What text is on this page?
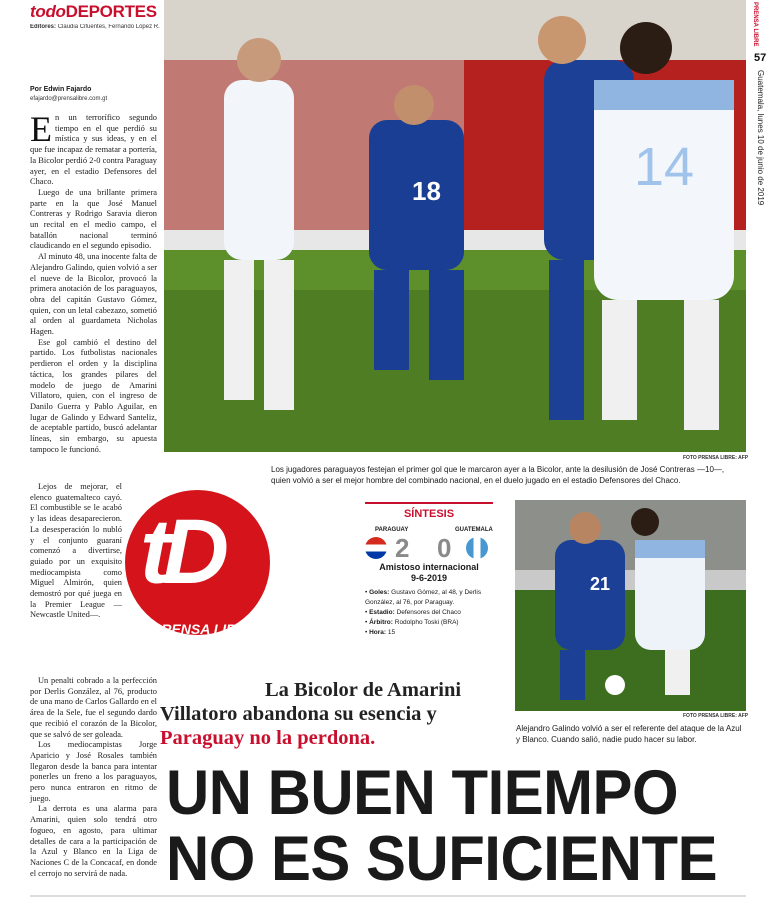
todoDEPORTES
Editores: Claudia Cifuentes, Fernando López R.
18	14
FOTO PRENSA LIBRE: AFP
Los jugadores paraguayos festejan el primer gol que le marcaron ayer a la Bicolor, ante la desilusión de José Contreras —10—, quien volvió a ser el mejor hombre del combinado nacional, en el duelo jugado en el estadio Defensores del Chaco.
PRENSA LIBRE
57
Guatemala, lunes 10 de junio de 2019
Por Edwin Fajardo
efajardo@prensalibre.com.gt
E n un terrorífico segundo tiempo en el que perdió su mística y sus ideas, y en el que fue incapaz de rematar a portería, la Bicolor perdió 2-0 contra Paraguay ayer, en el estadio Defensores del Chaco.

Luego de una brillante primera parte en la que José Manuel Contreras y Rodrigo Saravia dieron un recital en el medio campo, el batallón nacional terminó claudicando en el segundo episodio.

Al minuto 48, una inocente falta de Alejandro Galindo, quien volvió a ser el nueve de la Bicolor, provocó la primera anotación de los paraguayos, obra del capitán Gustavo Gómez, quien, con un letal cabezazo, sometió al orden al guardameta Nicholas Hagen.

Ese gol cambió el destino del partido. Los futbolistas nacionales perdieron el orden y la disciplina táctica, los grandes pilares del modelo de juego de Amarini Villatoro, quien, con el ingreso de Danilo Guerra y Pablo Aguilar, en lugar de Galindo y Edward Santeliz, de aceptable partido, buscó adelantar líneas, sin embargo, su apuesta tampoco le funcionó.

Lejos de mejorar, el elenco guatemalteco cayó. El combustible se le acabó y las ideas desaparecieron. La desesperación lo nubló y el conjunto guaraní comenzó a divertirse, guiado por un exquisito mediocampista como Miguel Almirón, quien demostró por qué juega en la Premier League —Newcastle United—.

Un penalti cobrado a la perfección por Derlis González, al 76, producto de una mano de Carlos Gallardo en el área de la Sele, fue el segundo dardo que recibió el corazón de la Bicolor, que se salvó de ser goleada.

Los mediocampistas Jorge Aparicio y José Rosales también llegaron desde la banca para intentar ponerles un freno a los paraguayos, pero nunca entraron en ritmo de juego.

La derrota es una alarma para Amarini, quien solo tendrá otro fogueo, en agosto, para ultimar detalles de cara a la participación de la Azul y Blanco en la Liga de Naciones C de la Concacaf, en donde el cerrojo no servirá de nada.

tD
PRENSA LIBRE
SÍNTESIS
PARAGUAY	GUATEMALA
2 0
Amistoso internacional
9-6-2019
• Goles: Gustavo Gómez, al 48, y Derlis González, al 76, por Paraguay.
• Estadio: Defensores del Chaco
• Árbitro: Rodolpho Toski (BRA)
• Hora: 15
21
FOTO PRENSA LIBRE: AFP
Alejandro Galindo volvió a ser el referente del ataque de la Azul y Blanco. Cuando salió, nadie pudo hacer su labor.
La Bicolor de Amarini
Villatoro abandona su esencia y
Paraguay no la perdona.
UN BUEN TIEMPO
NO ES SUFICIENTE
